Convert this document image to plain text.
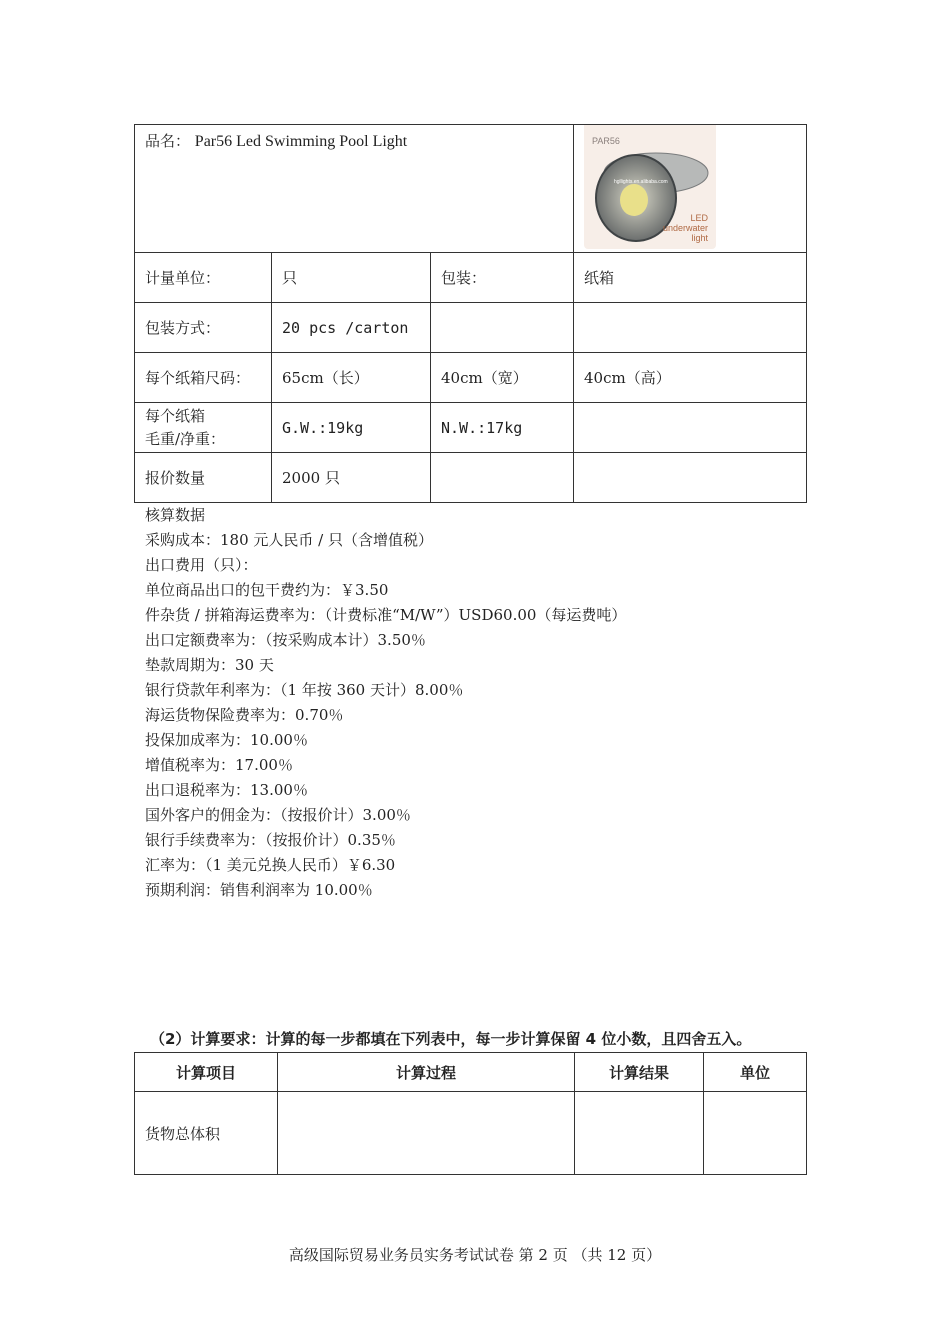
品名： Par56 Led Swimming Pool Light			PAR56
hgllights.en.alibaba.com
LED
underwater
light

计量单位：	只	包装：	纸箱
包装方式：	20 pcs /carton		
每个纸箱尺码：	65cm（长）	40cm（宽）	40cm（高）
每个纸箱
毛重/净重：	G.W.:19kg	N.W.:17kg	
报价数量	2000 只		
核算数据
采购成本：180 元人民币 / 只（含增值税）
出口费用（只）：
单位商品出口的包干费约为：￥3.50
件杂货 / 拼箱海运费率为：（计费标准“M/W”）USD60.00（每运费吨）
出口定额费率为：（按采购成本计）3.50％
垫款周期为：30 天
银行贷款年利率为：（1 年按 360 天计）8.00％
海运货物保险费率为：0.70％
投保加成率为：10.00％
增值税率为：17.00％
出口退税率为：13.00％
国外客户的佣金为：（按报价计）3.00％
银行手续费率为：（按报价计）0.35％
汇率为：（1 美元兑换人民币）￥6.30
预期利润：销售利润率为 10.00％
（2）计算要求：计算的每一步都填在下列表中，每一步计算保留 4 位小数，且四舍五入。
计算项目	计算过程	计算结果	单位
货物总体积			
高级国际贸易业务员实务考试试卷 第 2 页 （共 12 页）
